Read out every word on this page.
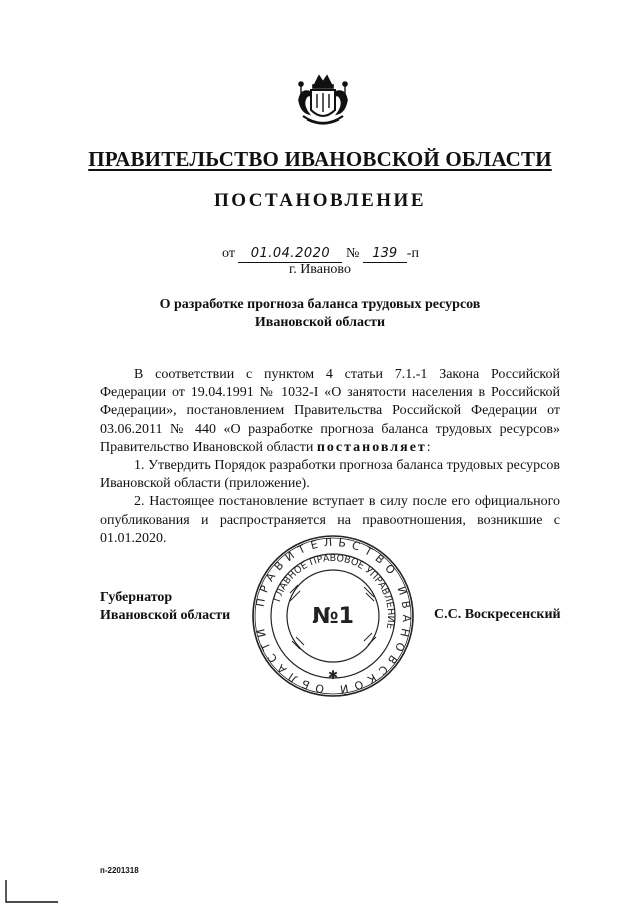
ПРАВИТЕЛЬСТВО ИВАНОВСКОЙ ОБЛАСТИ
ПОСТАНОВЛЕНИЕ
от 01.04.2020 № 139 -п
г. Иваново
О разработке прогноза баланса трудовых ресурсов
Ивановской области

В соответствии с пунктом 4 статьи 7.1.-1 Закона Российской Федерации от 19.04.1991 № 1032-I «О занятости населения в Российской Федерации», постановлением Правительства Российской Федерации от 03.06.2011 № 440 «О разработке прогноза баланса трудовых ресурсов» Правительство Ивановской области постановляет:

1. Утвердить Порядок разработки прогноза баланса трудовых ресурсов Ивановской области (приложение).

2. Настоящее постановление вступает в силу после его официального опубликования и распространяется на правоотношения, возникшие с 01.01.2020.

Губернатор
Ивановской области	С.С. Воскресенский
ПРАВИТЕЛЬСТВО ИВАНОВСКОЙ ОБЛАСТИ
ГЛАВНОЕ ПРАВОВОЕ УПРАВЛЕНИЕ
№1
✱
п-2201318
